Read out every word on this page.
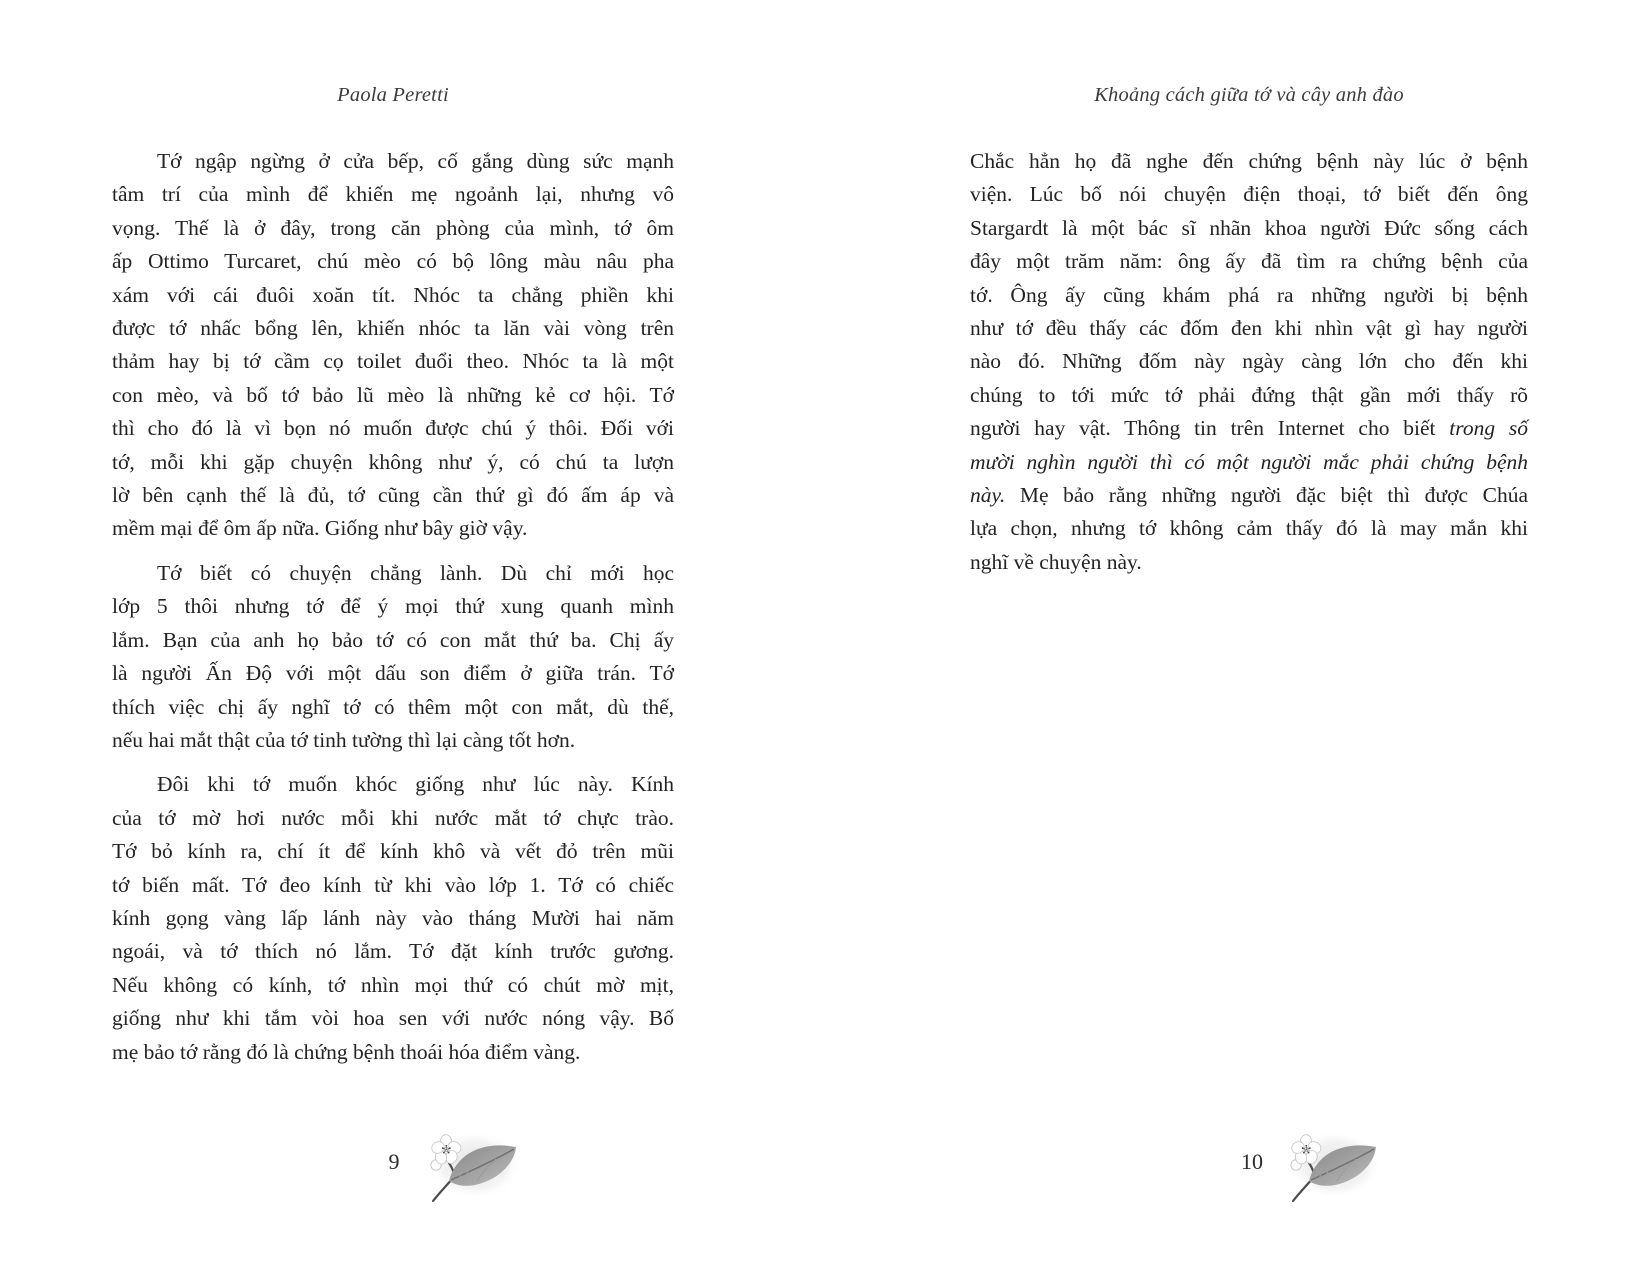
Paola Peretti
Tớ ngập ngừng ở cửa bếp, cố gắng dùng sức mạnh
tâm trí của mình để khiến mẹ ngoảnh lại, nhưng vô
vọng. Thế là ở đây, trong căn phòng của mình, tớ ôm
ấp Ottimo Turcaret, chú mèo có bộ lông màu nâu pha
xám với cái đuôi xoăn tít. Nhóc ta chẳng phiền khi
được tớ nhấc bổng lên, khiến nhóc ta lăn vài vòng trên
thảm hay bị tớ cầm cọ toilet đuổi theo. Nhóc ta là một
con mèo, và bố tớ bảo lũ mèo là những kẻ cơ hội. Tớ
thì cho đó là vì bọn nó muốn được chú ý thôi. Đối với
tớ, mỗi khi gặp chuyện không như ý, có chú ta lượn
lờ bên cạnh thế là đủ, tớ cũng cần thứ gì đó ấm áp và
mềm mại để ôm ấp nữa. Giống như bây giờ vậy.
Tớ biết có chuyện chẳng lành. Dù chỉ mới học
lớp 5 thôi nhưng tớ để ý mọi thứ xung quanh mình
lắm. Bạn của anh họ bảo tớ có con mắt thứ ba. Chị ấy
là người Ấn Độ với một dấu son điểm ở giữa trán. Tớ
thích việc chị ấy nghĩ tớ có thêm một con mắt, dù thế,
nếu hai mắt thật của tớ tinh tường thì lại càng tốt hơn.
Đôi khi tớ muốn khóc giống như lúc này. Kính
của tớ mờ hơi nước mỗi khi nước mắt tớ chực trào.
Tớ bỏ kính ra, chí ít để kính khô và vết đỏ trên mũi
tớ biến mất. Tớ đeo kính từ khi vào lớp 1. Tớ có chiếc
kính gọng vàng lấp lánh này vào tháng Mười hai năm
ngoái, và tớ thích nó lắm. Tớ đặt kính trước gương.
Nếu không có kính, tớ nhìn mọi thứ có chút mờ mịt,
giống như khi tắm vòi hoa sen với nước nóng vậy. Bố
mẹ bảo tớ rằng đó là chứng bệnh thoái hóa điểm vàng.
Khoảng cách giữa tớ và cây anh đào
Chắc hẳn họ đã nghe đến chứng bệnh này lúc ở bệnh
viện. Lúc bố nói chuyện điện thoại, tớ biết đến ông
Stargardt là một bác sĩ nhãn khoa người Đức sống cách
đây một trăm năm: ông ấy đã tìm ra chứng bệnh của
tớ. Ông ấy cũng khám phá ra những người bị bệnh
như tớ đều thấy các đốm đen khi nhìn vật gì hay người
nào đó. Những đốm này ngày càng lớn cho đến khi
chúng to tới mức tớ phải đứng thật gần mới thấy rõ
người hay vật. Thông tin trên Internet cho biết trong số
mười nghìn người thì có một người mắc phải chứng bệnh
này. Mẹ bảo rằng những người đặc biệt thì được Chúa
lựa chọn, nhưng tớ không cảm thấy đó là may mắn khi
nghĩ về chuyện này.
9	10
